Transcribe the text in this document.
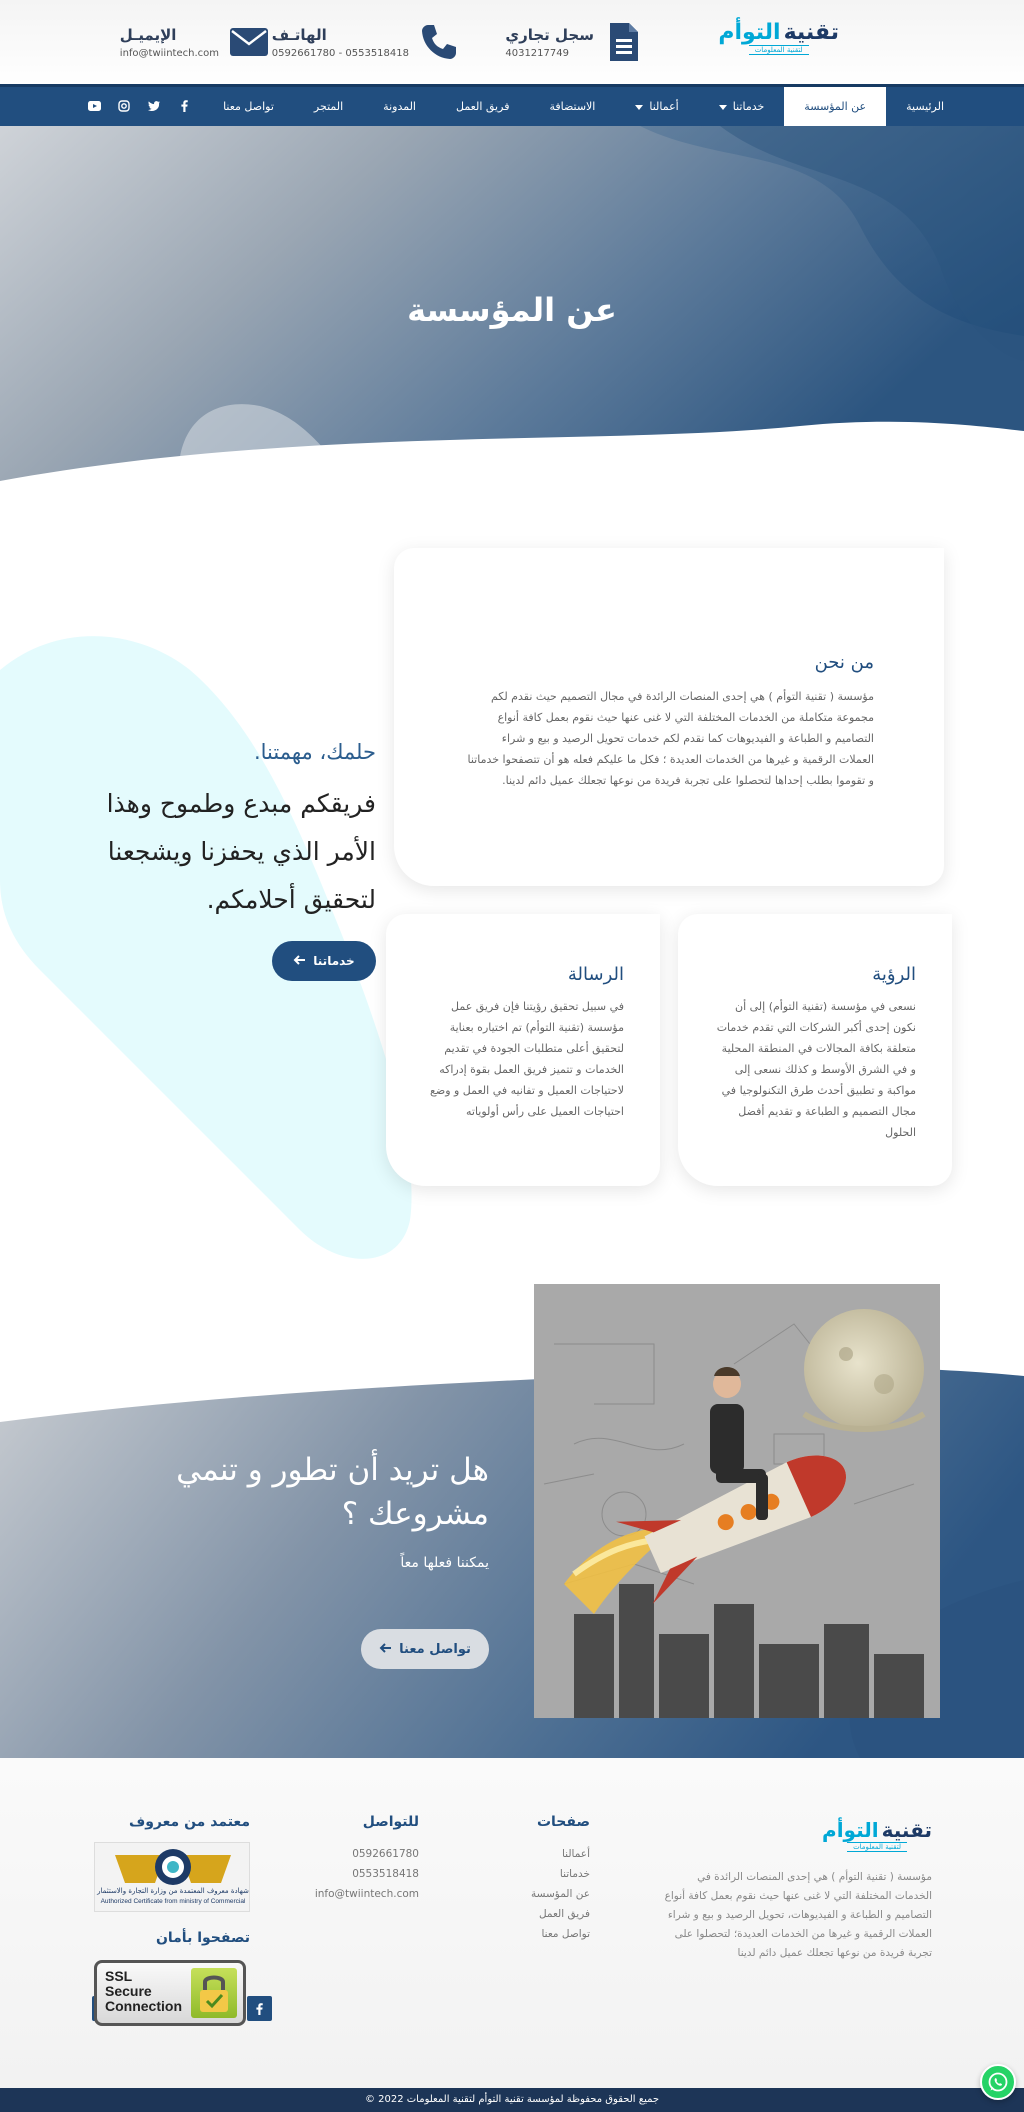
تقنية
التوأم
لتقنية المعلومات
سجل تجاري
4031217749
الهاتـف
0592661780 - 0553518418
الإيميـل
info@twiintech.com
الرئيسية
عن المؤسسة
خدماتنا
أعمالنا
الاستضافة
فريق العمل
المدونة
المتجر
تواصل معنا
عن المؤسسة
من نحن

مؤسسة ( تقنية التوأم ) هي إحدى المنصات الرائدة في مجال التصميم حيث نقدم لكم مجموعة متكاملة من الخدمات المختلفة التي لا غنى عنها حيث نقوم بعمل كافة أنواع التصاميم و الطباعة و الفيديوهات كما نقدم لكم خدمات تحويل الرصيد و بيع و شراء العملات الرقمية و غيرها من الخدمات العديدة ؛ فكل ما عليكم فعله هو أن تتصفحوا خدماتنا و تقوموا بطلب إحداها لتحصلوا على تجربة فريدة من نوعها تجعلك عميل دائم لدينا.

الرؤية

نسعى في مؤسسة (تقنية التوأم) إلى أن نكون إحدى أكبر الشركات التي تقدم خدمات متعلقة بكافة المجالات في المنطقة المحلية و في الشرق الأوسط و كذلك نسعى إلى مواكبة و تطبيق أحدث طرق التكنولوجيا في مجال التصميم و الطباعة و تقديم أفضل الحلول

الرسالة

في سبيل تحقيق رؤيتنا فإن فريق عمل مؤسسة (تقنية التوأم) تم اختياره بعناية لتحقيق أعلى متطلبات الجودة في تقديم الخدمات و تتميز فريق العمل بقوة إدراكه لاحتياجات العميل و تفانيه في العمل و وضع احتياجات العميل على رأس أولوياته

حلمك، مهمتنا.
فريقكم مبدع وطموح وهذا الأمر الذي يحفزنا ويشجعنا لتحقيق أحلامكم.
خدماتنا
هل تريد أن تطور و تنمي مشروعك ؟
يمكننا فعلها معاً
تواصل معنا
تقنية
التوأم
لتقنية المعلومات
مؤسسة ( تقنية التوأم ) هي إحدى المنصات الرائدة في الخدمات المختلفة التي لا غنى عنها حيث نقوم بعمل كافة أنواع التصاميم و الطباعة و الفيديوهات، تحويل الرصيد و بيع و شراء العملات الرقمية و غيرها من الخدمات العديدة؛ لتحصلوا على تجربة فريدة من نوعها تجعلك عميل دائم لدينا
صفحات
أعمالنا
خدماتنا
عن المؤسسة
فريق العمل
تواصل معنا
للتواصل
0592661780
0553518418
info@twiintech.com
معتمد من معروف
شهادة معروف المعتمدة من وزارة التجارة والاستثمار
Authorized Certificate from ministry of Commercial
تصفحوا بأمان
SSL
Secure
Connection
جميع الحقوق محفوظة لمؤسسة تقنية التوأم لتقنية المعلومات 2022 ©
